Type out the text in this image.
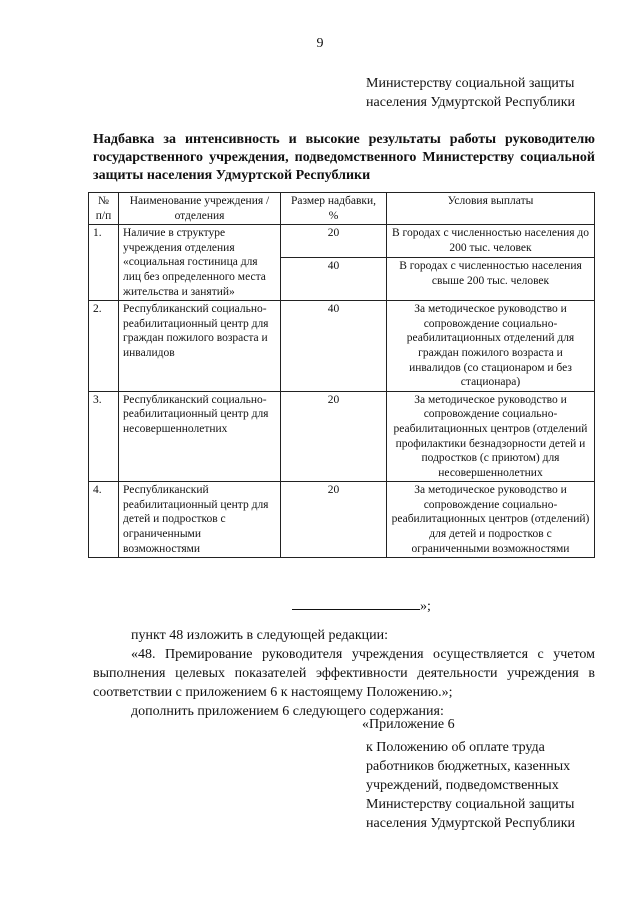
9
Министерству социальной защиты
населения Удмуртской Республики
Надбавка за интенсивность и высокие результаты работы руководителю государственного учреждения, подведомственного Министерству социальной защиты населения Удмуртской Республики
№ п/п	Наименование учреждения / отделения	Размер надбавки, %	Условия выплаты
1.	Наличие в структуре учреждения отделения «социальная гостиница для лиц без определенного места жительства и занятий»	20	В городах с численностью населения до 200 тыс. человек
		40	В городах с численностью населения свыше 200 тыс. человек
2.	Республиканский социально-реабилитационный центр для граждан пожилого возраста и инвалидов	40	За методическое руководство и сопровождение социально-реабилитационных отделений для граждан пожилого возраста и инвалидов (со стационаром и без стационара)
3.	Республиканский социально-реабилитационный центр для несовершеннолетних	20	За методическое руководство и сопровождение социально-реабилитационных центров (отделений профилактики безнадзорности детей и подростков (с приютом) для несовершеннолетних
4.	Республиканский реабилитационный центр для детей и подростков с ограниченными возможностями	20	За методическое руководство и сопровождение социально-реабилитационных центров (отделений) для детей и подростков с ограниченными возможностями
»;

пункт 48 изложить в следующей редакции:

«48. Премирование руководителя учреждения осуществляется с учетом выполнения целевых показателей эффективности деятельности учреждения в соответствии с приложением 6 к настоящему Положению.»;

дополнить приложением 6 следующего содержания:

«Приложение 6
к Положению об оплате труда
работников бюджетных, казенных
учреждений, подведомственных
Министерству социальной защиты
населения Удмуртской Республики
